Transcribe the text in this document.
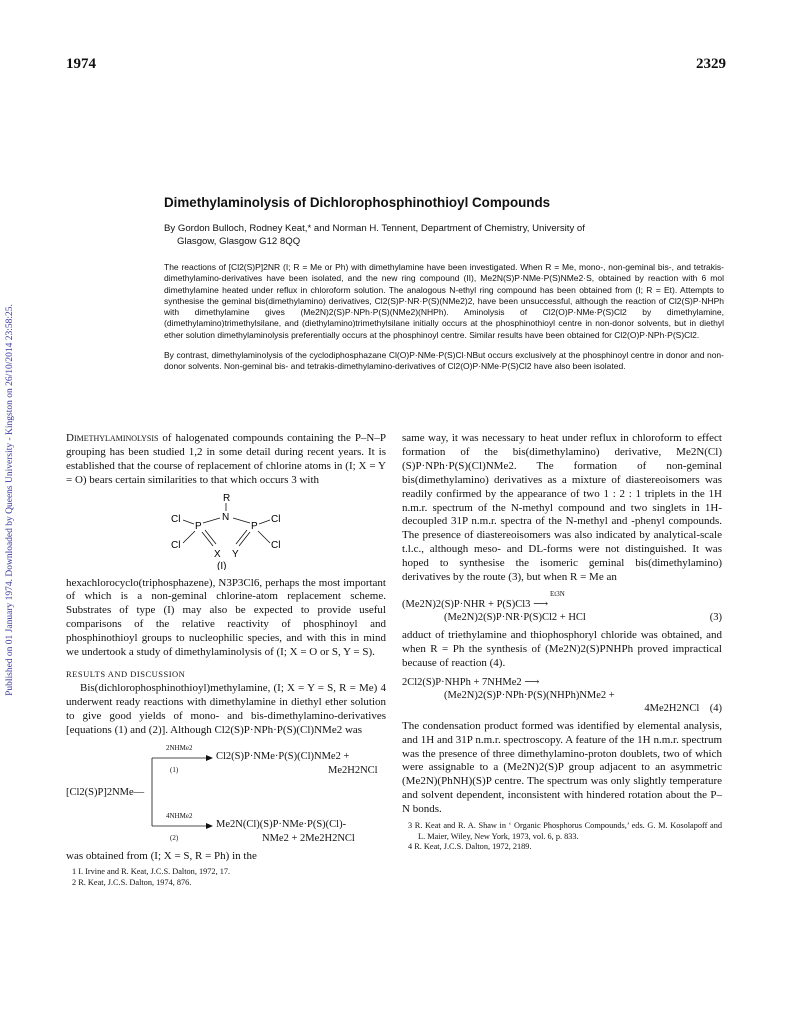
1974	2329
Published on 01 January 1974. Downloaded by Queens University - Kingston on 26/10/2014 23:58:25.
Dimethylaminolysis of Dichlorophosphinothioyl Compounds
By Gordon Bulloch, Rodney Keat,* and Norman H. Tennent, Department of Chemistry, University of
Glasgow, Glasgow G12 8QQ

The reactions of [Cl2(S)P]2NR (I; R = Me or Ph) with dimethylamine have been investigated. When R = Me, mono-, non-geminal bis-, and tetrakis-dimethylamino-derivatives have been isolated, and the new ring compound (II), Me2N(S)P·NMe·P(S)NMe2·S, obtained by reaction with 6 mol dimethylamine heated under reflux in chloroform solution. The analogous N-ethyl ring compound has been obtained from (I; R = Et). Attempts to synthesise the geminal bis(dimethylamino) derivatives, Cl2(S)P·NR·P(S)(NMe2)2, have been unsuccessful, although the reaction of Cl2(S)P·NHPh with dimethylamine gives (Me2N)2(S)P·NPh·P(S)(NMe2)(NHPh). Aminolysis of Cl2(O)P·NMe·P(S)Cl2 by dimethylamine, (dimethylamino)trimethylsilane, and (diethylamino)trimethylsilane initially occurs at the phosphinothioyl centre in non-donor solvents, but in diethyl ether solution dimethylaminolysis preferentially occurs at the phosphinoyl centre. Similar results have been obtained for Cl2(O)P·NPh·P(S)Cl2.

By contrast, dimethylaminolysis of the cyclodiphosphazane Cl(O)P·NMe·P(S)Cl·NBut occurs exclusively at the phosphinoyl centre in donor and non-donor solvents. Non-geminal bis- and tetrakis-dimethylamino-derivatives of Cl2(O)P·NMe·P(S)Cl2 have also been isolated.

Dimethylaminolysis of halogenated compounds containing the P–N–P grouping has been studied 1,2 in some detail during recent years. It is established that the course of replacement of chlorine atoms in (I; X = Y = O) bears certain similarities to that which occurs 3 with

R
N
P	P
Cl
Cl
Cl
Cl
X Y
(I)

hexachlorocyclo(triphosphazene), N3P3Cl6, perhaps the most important of which is a non-geminal chlorine-atom replacement scheme. Substrates of type (I) may also be expected to provide useful comparisons of the relative reactivity of phosphinoyl and phosphinothioyl groups to nucleophilic species, and with this in mind we undertook a study of dimethylaminolysis of (I; X = O or S, Y = S).

RESULTS AND DISCUSSION

Bis(dichlorophosphinothioyl)methylamine, (I; X = Y = S, R = Me) 4 underwent ready reactions with dimethylamine in diethyl ether solution to give good yields of mono- and bis-dimethylamino-derivatives [equations (1) and (2)]. Although Cl2(S)P·NPh·P(S)(Cl)NMe2 was

2NHMe2
(1)
Cl2(S)P·NMe·P(S)(Cl)NMe2 +
Me2H2NCl
[Cl2(S)P]2NMe—
4NHMe2
(2)
Me2N(Cl)(S)P·NMe·P(S)(Cl)-
NMe2 + 2Me2H2NCl

was obtained from (I; X = S, R = Ph) in the

1 I. Irvine and R. Keat, J.C.S. Dalton, 1972, 17.
2 R. Keat, J.C.S. Dalton, 1974, 876.

same way, it was necessary to heat under reflux in chloroform to effect formation of the bis(dimethylamino) derivative, Me2N(Cl)(S)P·NPh·P(S)(Cl)NMe2. The formation of non-geminal bis(dimethylamino) derivatives as a mixture of diastereoisomers was readily confirmed by the appearance of two 1 : 2 : 1 triplets in the 1H n.m.r. spectrum of the N-methyl compound and two singlets in 1H-decoupled 31P n.m.r. spectra of the N-methyl and -phenyl compounds. The presence of diastereoisomers was also indicated by analytical-scale t.l.c., although meso- and DL-forms were not distinguished. It was hoped to synthesise the isomeric geminal bis(dimethylamino) derivatives by the route (3), but when R = Me an

Et3N
(Me2N)2(S)P·NHR + P(S)Cl3 ⟶
(Me2N)2(S)P·NR·P(S)Cl2 + HCl	(3)

adduct of triethylamine and thiophosphoryl chloride was obtained, and when R = Ph the synthesis of (Me2N)2(S)PNHPh proved impractical because of reaction (4).

2Cl2(S)P·NHPh + 7NHMe2 ⟶
(Me2N)2(S)P·NPh·P(S)(NHPh)NMe2 +
4Me2H2NCl (4)

The condensation product formed was identified by elemental analysis, and 1H and 31P n.m.r. spectroscopy. A feature of the 1H n.m.r. spectrum was the presence of three dimethylamino-proton doublets, two of which were assignable to a (Me2N)2(S)P group adjacent to an asymmetric (Me2N)(PhNH)(S)P centre. The spectrum was only slightly temperature and solvent dependent, inconsistent with hindered rotation about the P–N bonds.

3 R. Keat and R. A. Shaw in ‘ Organic Phosphorus Compounds,’ eds. G. M. Kosolapoff and L. Maier, Wiley, New York, 1973, vol. 6, p. 833.
4 R. Keat, J.C.S. Dalton, 1972, 2189.
